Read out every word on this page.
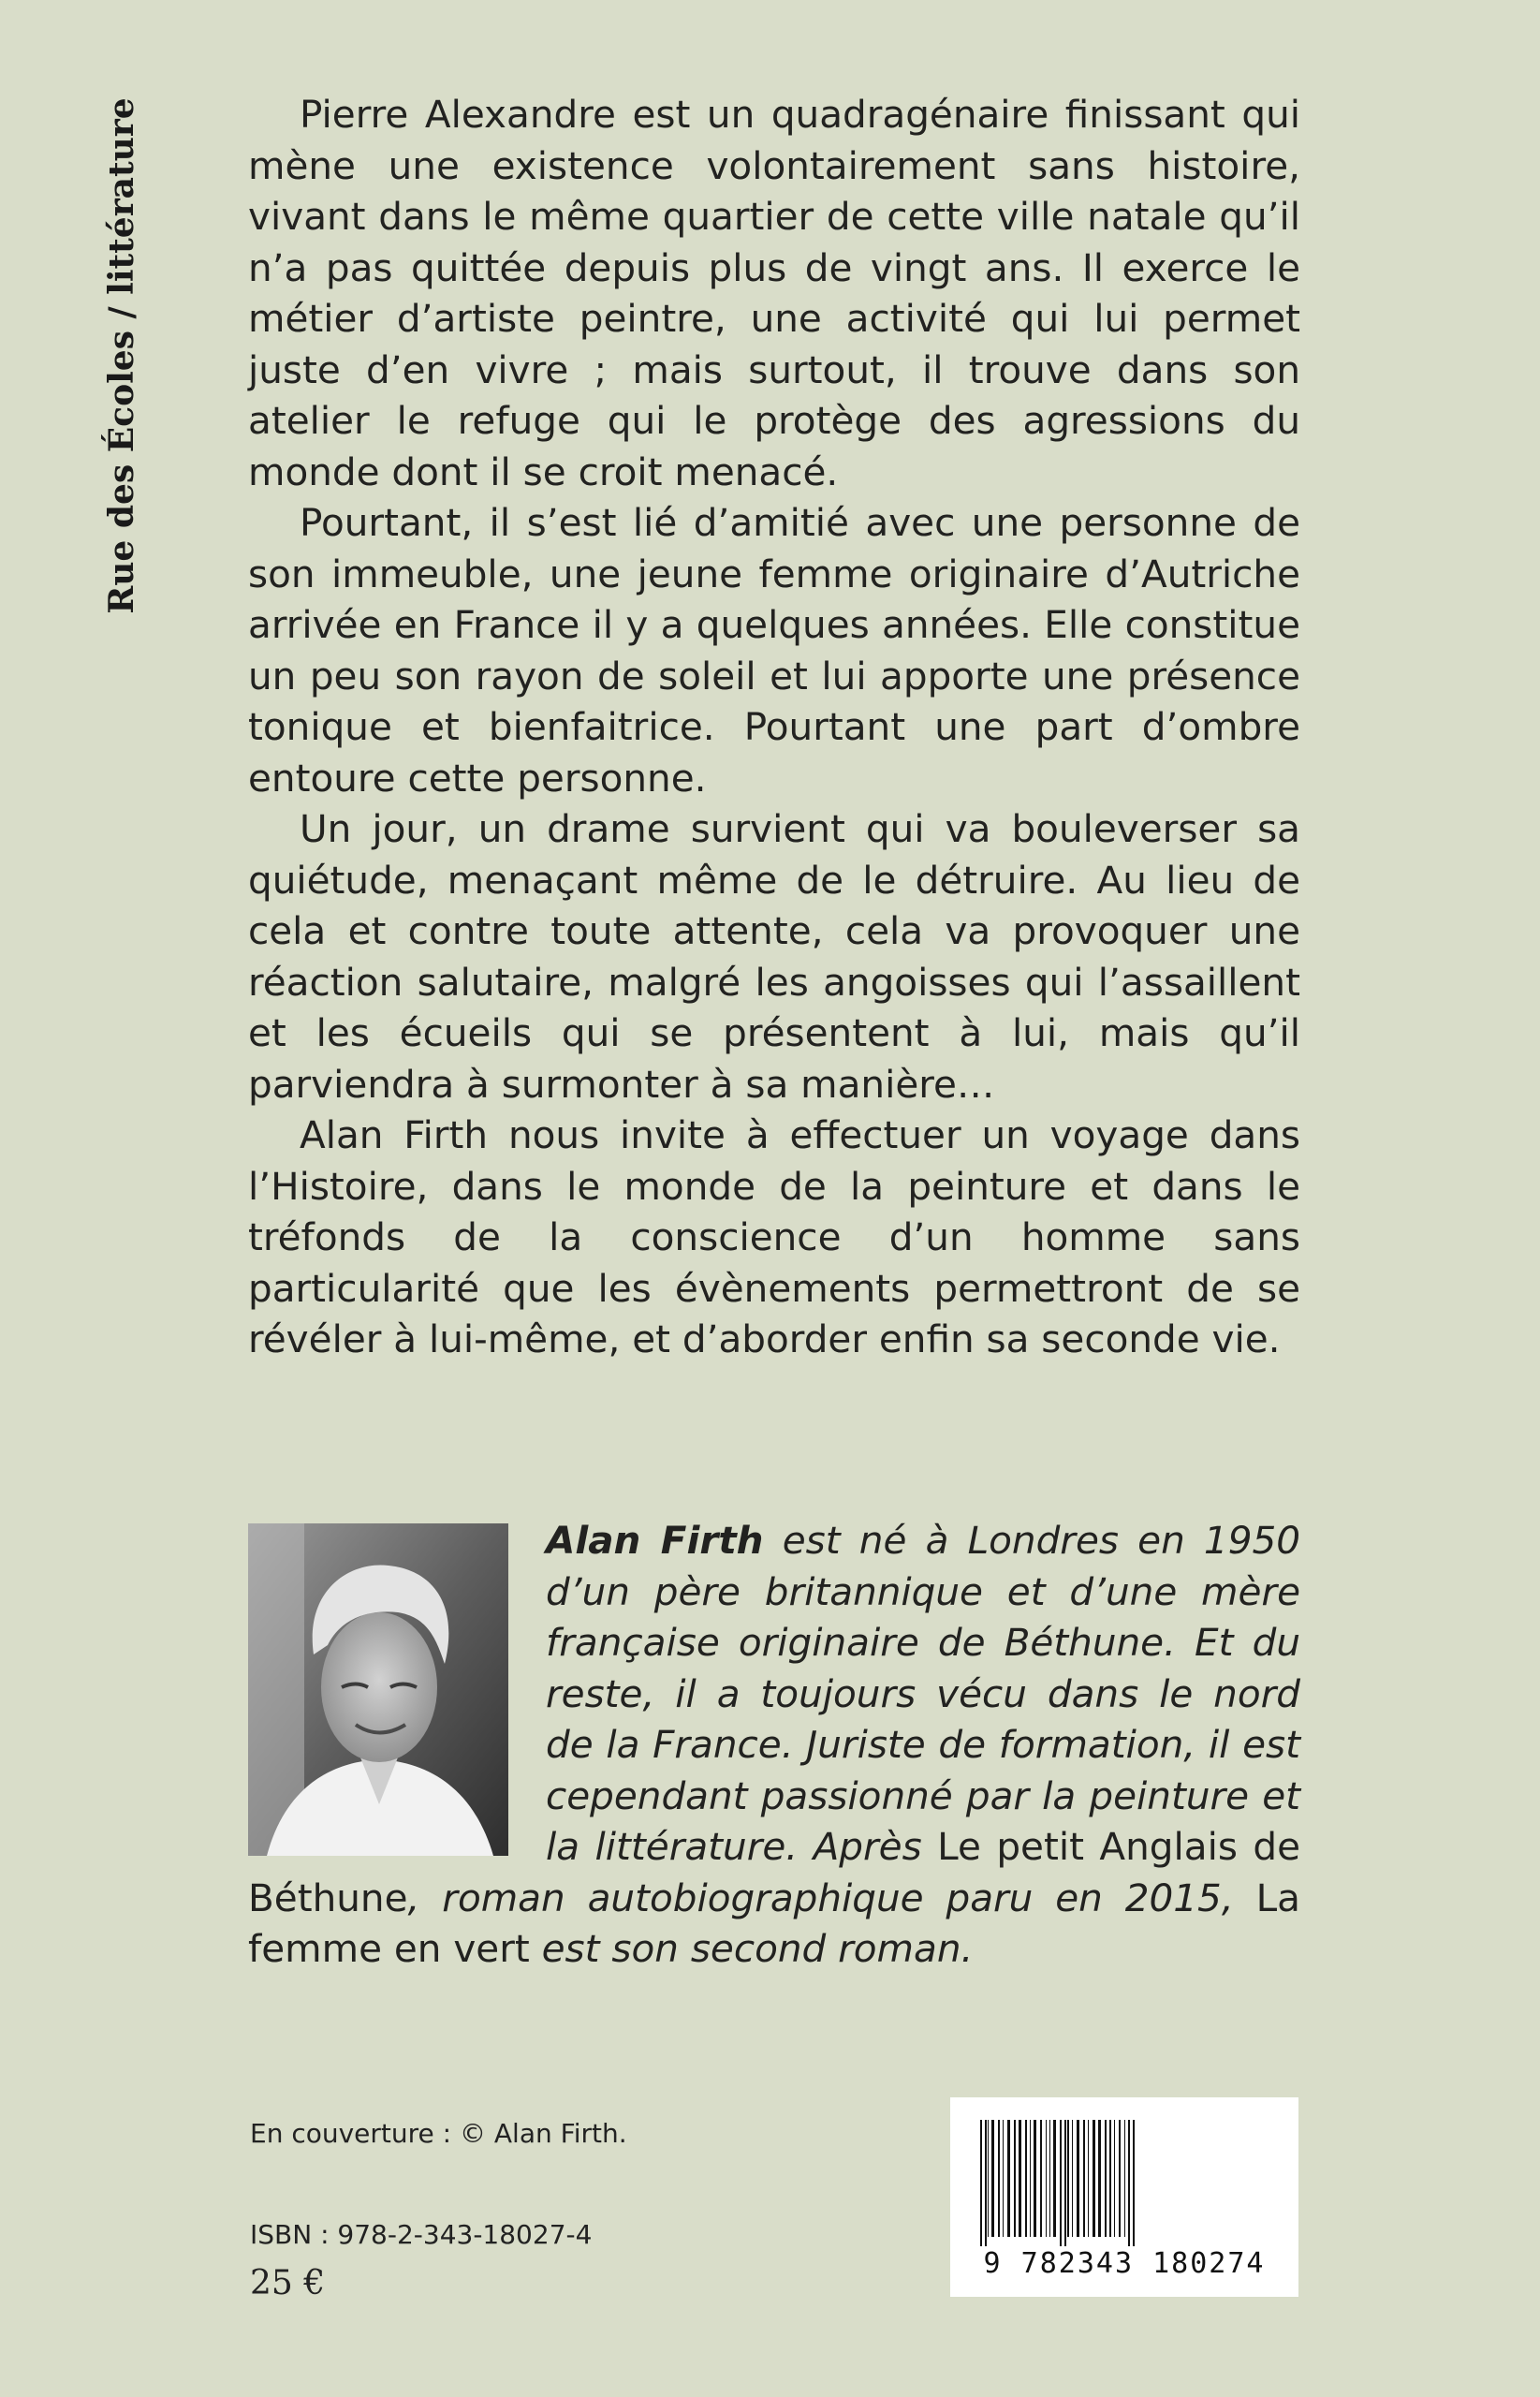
Rue des Écoles / littérature	Pierre Alexandre est un quadragénaire finissant qui mène une existence volontairement sans histoire, vivant dans le même quartier de cette ville natale qu’il n’a pas quittée depuis plus de vingt ans. Il exerce le métier d’artiste peintre, une activité qui lui permet juste d’en vivre ; mais surtout, il trouve dans son atelier le refuge qui le protège des agressions du monde dont il se croit menacé.

Pourtant, il s’est lié d’amitié avec une personne de son immeuble, une jeune femme originaire d’Autriche arrivée en France il y a quelques années. Elle constitue un peu son rayon de soleil et lui apporte une présence tonique et bienfaitrice. Pourtant une part d’ombre entoure cette personne.

Un jour, un drame survient qui va bouleverser sa quiétude, menaçant même de le détruire. Au lieu de cela et contre toute attente, cela va provoquer une réaction salutaire, malgré les angoisses qui l’assaillent et les écueils qui se présentent à lui, mais qu’il parviendra à surmonter à sa manière…

Alan Firth nous invite à effectuer un voyage dans l’Histoire, dans le monde de la peinture et dans le tréfonds de la conscience d’un homme sans particularité que les évènements permettront de se révéler à lui-même, et d’aborder enfin sa seconde vie.

Alan Firth est né à Londres en 1950 d’un père britannique et d’une mère française originaire de Béthune. Et du reste, il a toujours vécu dans le nord de la France. Juriste de formation, il est cependant passionné par la peinture et la littérature. Après Le petit Anglais de Béthune, roman autobiographique paru en 2015, La femme en vert est son second roman.
En couverture : © Alan Firth.
ISBN : 978-2-343-18027-4
25 €
9 782343 180274
